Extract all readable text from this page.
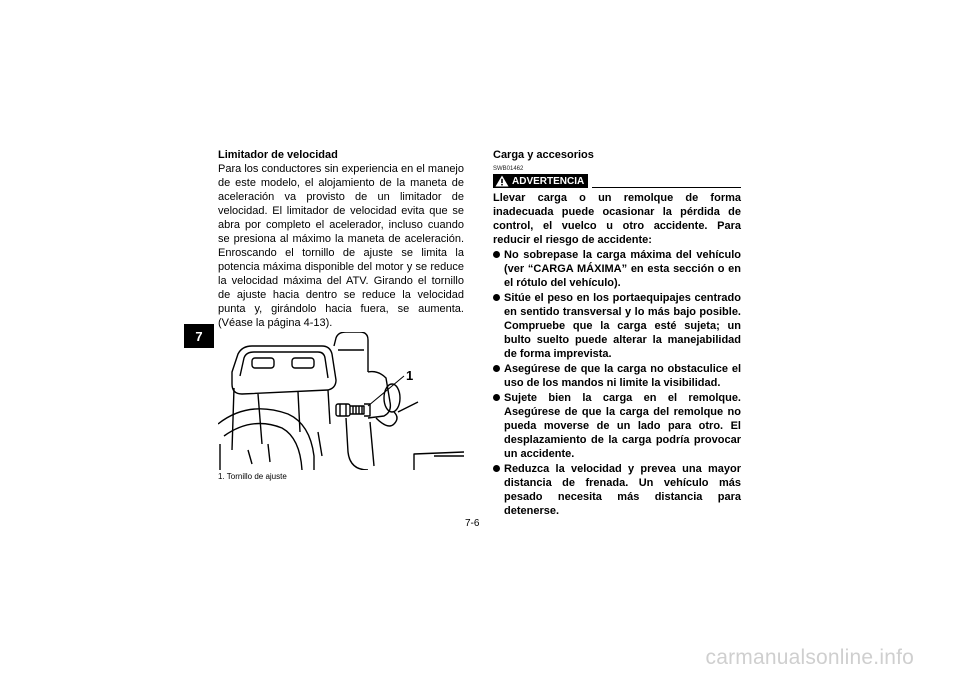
7
Limitador de velocidad

Para los conductores sin experiencia en el manejo de este modelo, el alojamiento de la maneta de aceleración va provisto de un limitador de velocidad. El limitador de velocidad evita que se abra por completo el acelerador, incluso cuando se presiona al máximo la maneta de aceleración. Enroscando el tornillo de ajuste se limita la potencia máxima disponible del motor y se reduce la velocidad máxima del ATV. Girando el tornillo de ajuste hacia dentro se reduce la velocidad punta y, girándolo hacia fuera, se aumenta. (Véase la página 4-13).

1
1. Tornillo de ajuste
Carga y accesorios
SWB01462
ADVERTENCIA
Llevar carga o un remolque de forma inadecuada puede ocasionar la pérdida de control, el vuelco u otro accidente. Para reducir el riesgo de accidente:
No sobrepase la carga máxima del vehículo (ver “CARGA MÁXIMA” en esta sección o en el rótulo del vehículo).
Sitúe el peso en los portaequipajes centrado en sentido transversal y lo más bajo posible. Compruebe que la carga esté sujeta; un bulto suelto puede alterar la manejabilidad de forma imprevista.
Asegúrese de que la carga no obstaculice el uso de los mandos ni limite la visibilidad.
Sujete bien la carga en el remolque. Asegúrese de que la carga del remolque no pueda moverse de un lado para otro. El desplazamiento de la carga podría provocar un accidente.
Reduzca la velocidad y prevea una mayor distancia de frenada. Un vehículo más pesado necesita más distancia para detenerse.
7-6
carmanualsonline.info
